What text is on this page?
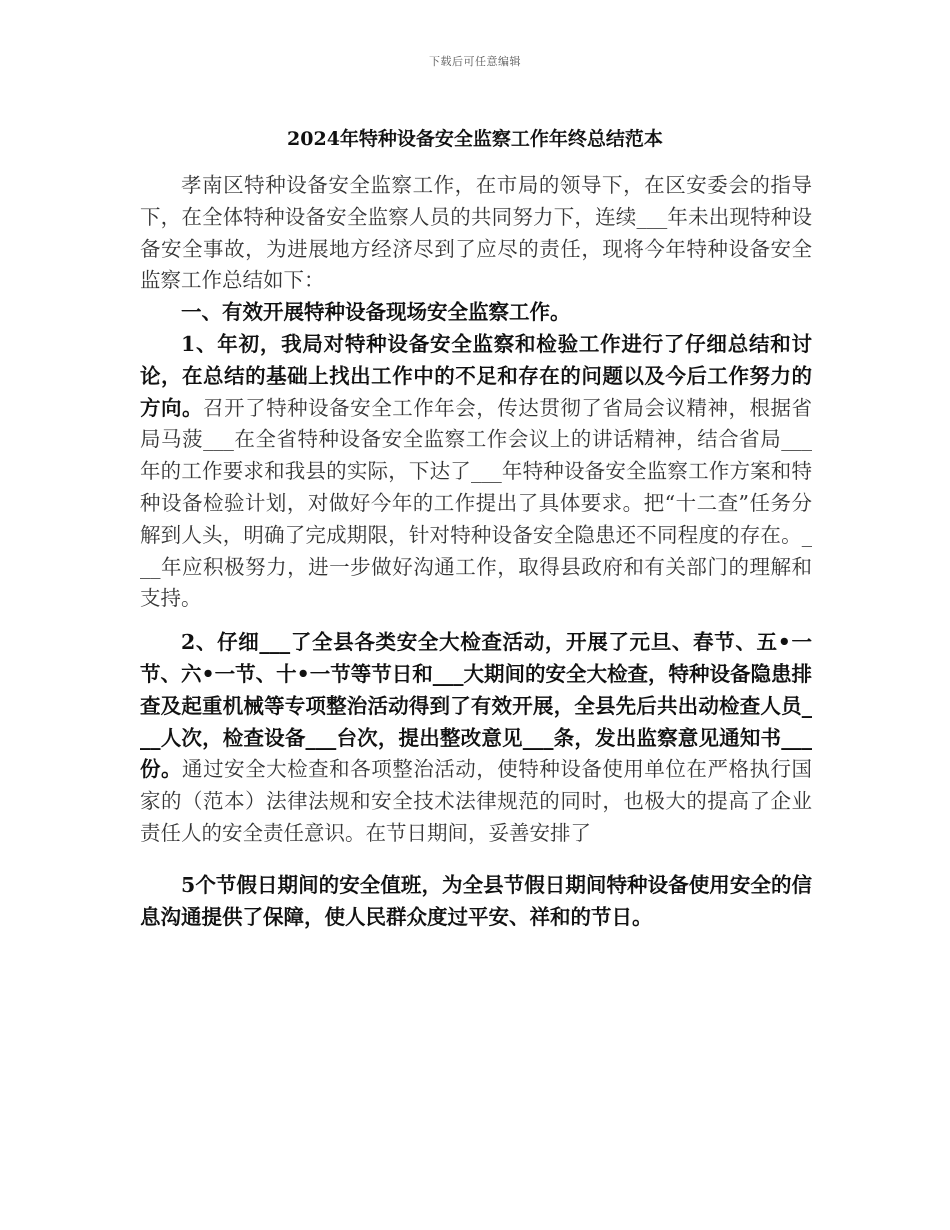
下载后可任意编辑
2024年特种设备安全监察工作年终总结范本

孝南区特种设备安全监察工作，在市局的领导下，在区安委会的指导下，在全体特种设备安全监察人员的共同努力下，连续___年未出现特种设备安全事故，为进展地方经济尽到了应尽的责任，现将今年特种设备安全监察工作总结如下：

一、有效开展特种设备现场安全监察工作。

1、年初，我局对特种设备安全监察和检验工作进行了仔细总结和讨论，在总结的基础上找出工作中的不足和存在的问题以及今后工作努力的方向。召开了特种设备安全工作年会，传达贯彻了省局会议精神，根据省局马菠___在全省特种设备安全监察工作会议上的讲话精神，结合省局___年的工作要求和我县的实际，下达了___年特种设备安全监察工作方案和特种设备检验计划，对做好今年的工作提出了具体要求。把“十二查”任务分解到人头，明确了完成期限，针对特种设备安全隐患还不同程度的存在。___年应积极努力，进一步做好沟通工作，取得县政府和有关部门的理解和支持。

2、仔细___了全县各类安全大检查活动，开展了元旦、春节、五•一节、六•一节、十•一节等节日和___大期间的安全大检查，特种设备隐患排查及起重机械等专项整治活动得到了有效开展，全县先后共出动检查人员___人次，检查设备___台次，提出整改意见___条，发出监察意见通知书___份。通过安全大检查和各项整治活动，使特种设备使用单位在严格执行国家的（范本）法律法规和安全技术法律规范的同时，也极大的提高了企业责任人的安全责任意识。在节日期间，妥善安排了

5个节假日期间的安全值班，为全县节假日期间特种设备使用安全的信息沟通提供了保障，使人民群众度过平安、祥和的节日。
